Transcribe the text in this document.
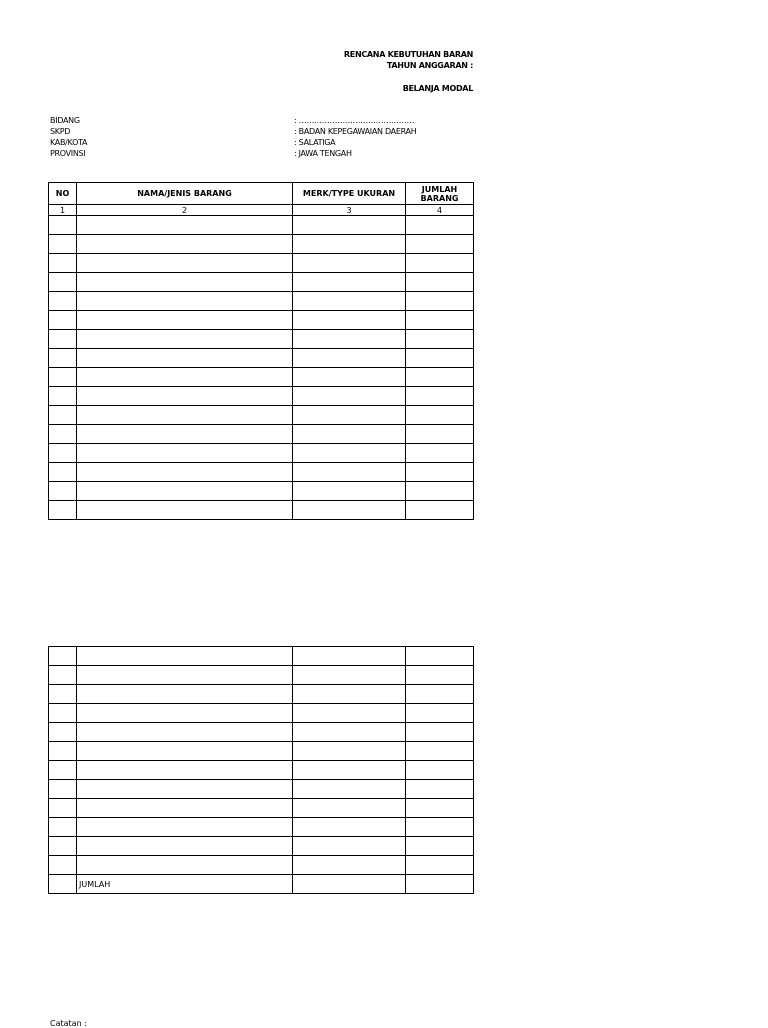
RENCANA KEBUTUHAN BARAN
TAHUN ANGGARAN :
BELANJA MODAL
BIDANG	: ………………………………………
SKPD	: BADAN KEPEGAWAIAN DAERAH
KAB/KOTA	: SALATIGA
PROVINSI	: JAWA TENGAH
NO	NAMA/JENIS BARANG	MERK/TYPE UKURAN	JUMLAH BARANG
1	2	3	4

	JUMLAH		
Catatan :
